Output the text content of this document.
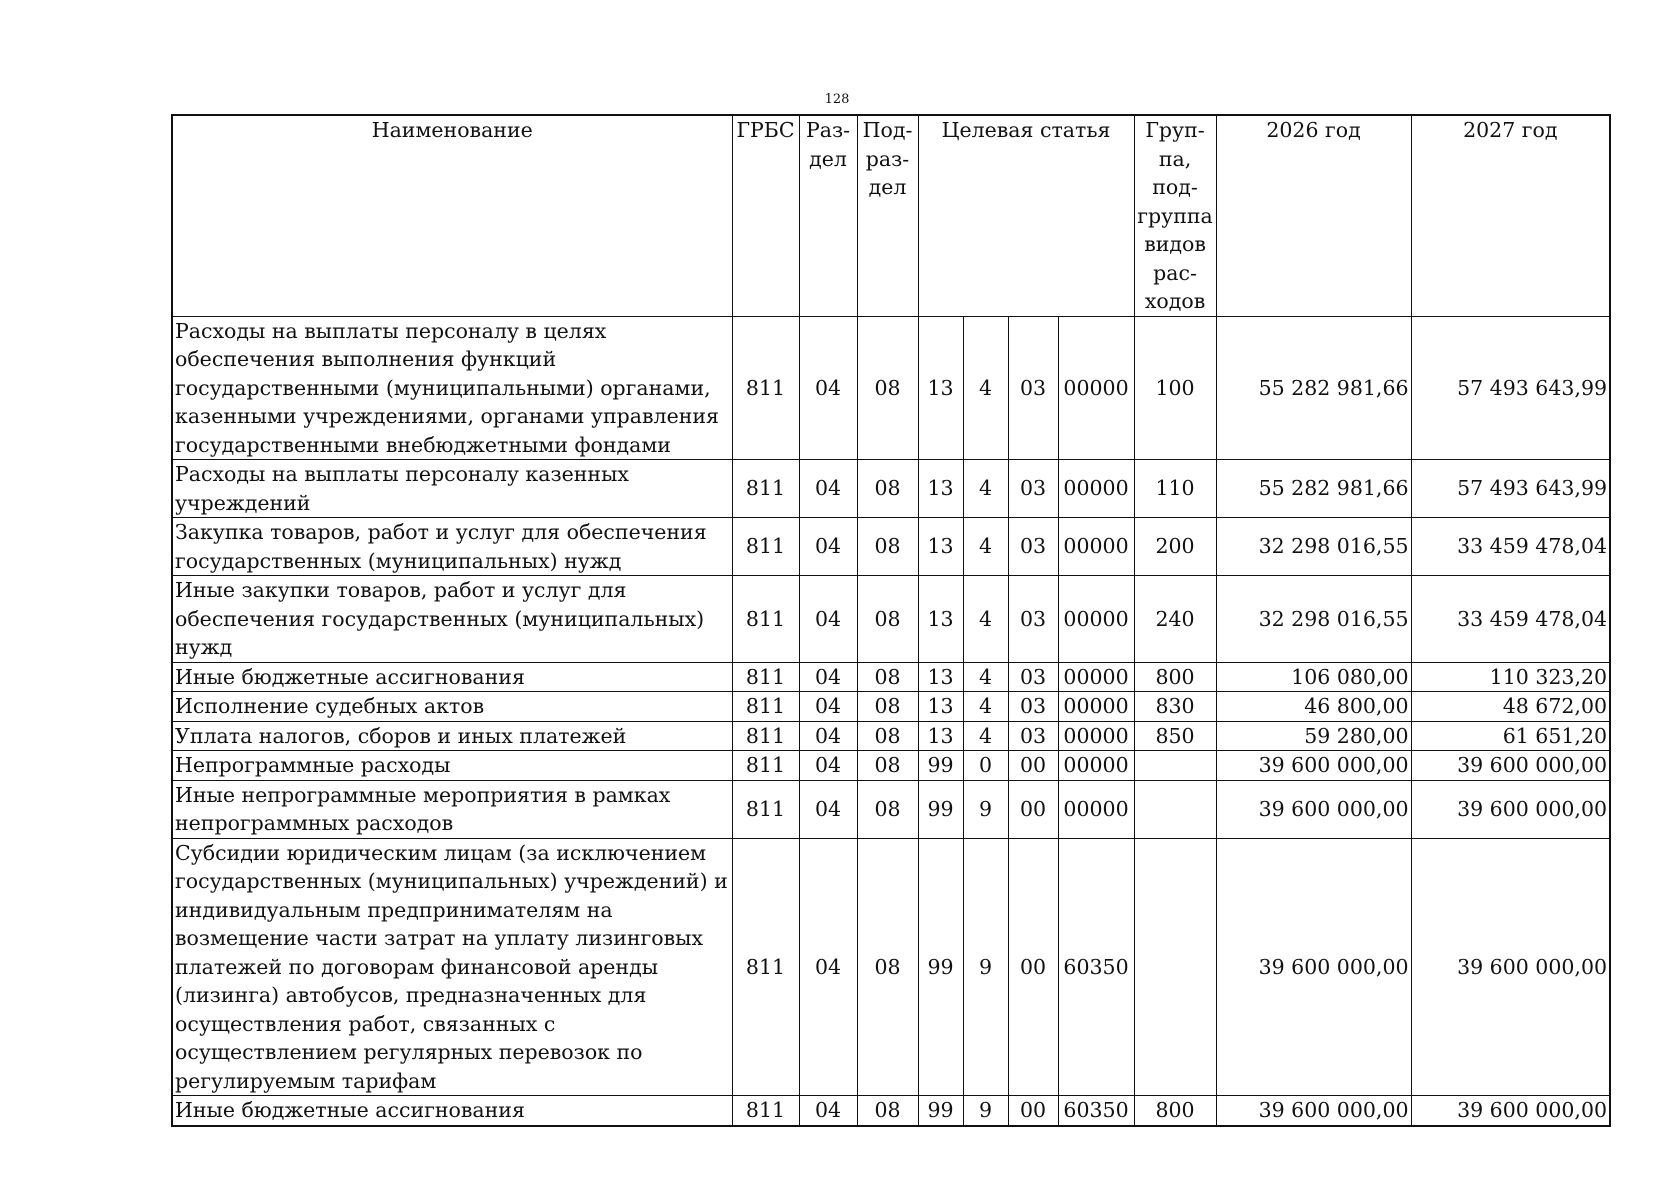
128
Наименование	ГРБС	Раз-дел	Под-раз-дел	Целевая статья				Груп-па, под-группа видов рас-ходов	2026 год	2027 год
Расходы на выплаты персоналу в целях обеспечения выполнения функций государственными (муниципальными) органами, казенными учреждениями, органами управления государственными внебюджетными фондами	811	04	08	13	4	03	00000	100	55 282 981,66	57 493 643,99
Расходы на выплаты персоналу казенных учреждений	811	04	08	13	4	03	00000	110	55 282 981,66	57 493 643,99
Закупка товаров, работ и услуг для обеспечения государственных (муниципальных) нужд	811	04	08	13	4	03	00000	200	32 298 016,55	33 459 478,04
Иные закупки товаров, работ и услуг для обеспечения государственных (муниципальных) нужд	811	04	08	13	4	03	00000	240	32 298 016,55	33 459 478,04
Иные бюджетные ассигнования	811	04	08	13	4	03	00000	800	106 080,00	110 323,20
Исполнение судебных актов	811	04	08	13	4	03	00000	830	46 800,00	48 672,00
Уплата налогов, сборов и иных платежей	811	04	08	13	4	03	00000	850	59 280,00	61 651,20
Непрограммные расходы	811	04	08	99	0	00	00000		39 600 000,00	39 600 000,00
Иные непрограммные мероприятия в рамках непрограммных расходов	811	04	08	99	9	00	00000		39 600 000,00	39 600 000,00
Субсидии юридическим лицам (за исключением государственных (муниципальных) учреждений) и индивидуальным предпринимателям на возмещение части затрат на уплату лизинговых платежей по договорам финансовой аренды (лизинга) автобусов, предназначенных для осуществления работ, связанных с осуществлением регулярных перевозок по регулируемым тарифам	811	04	08	99	9	00	60350		39 600 000,00	39 600 000,00
Иные бюджетные ассигнования	811	04	08	99	9	00	60350	800	39 600 000,00	39 600 000,00
